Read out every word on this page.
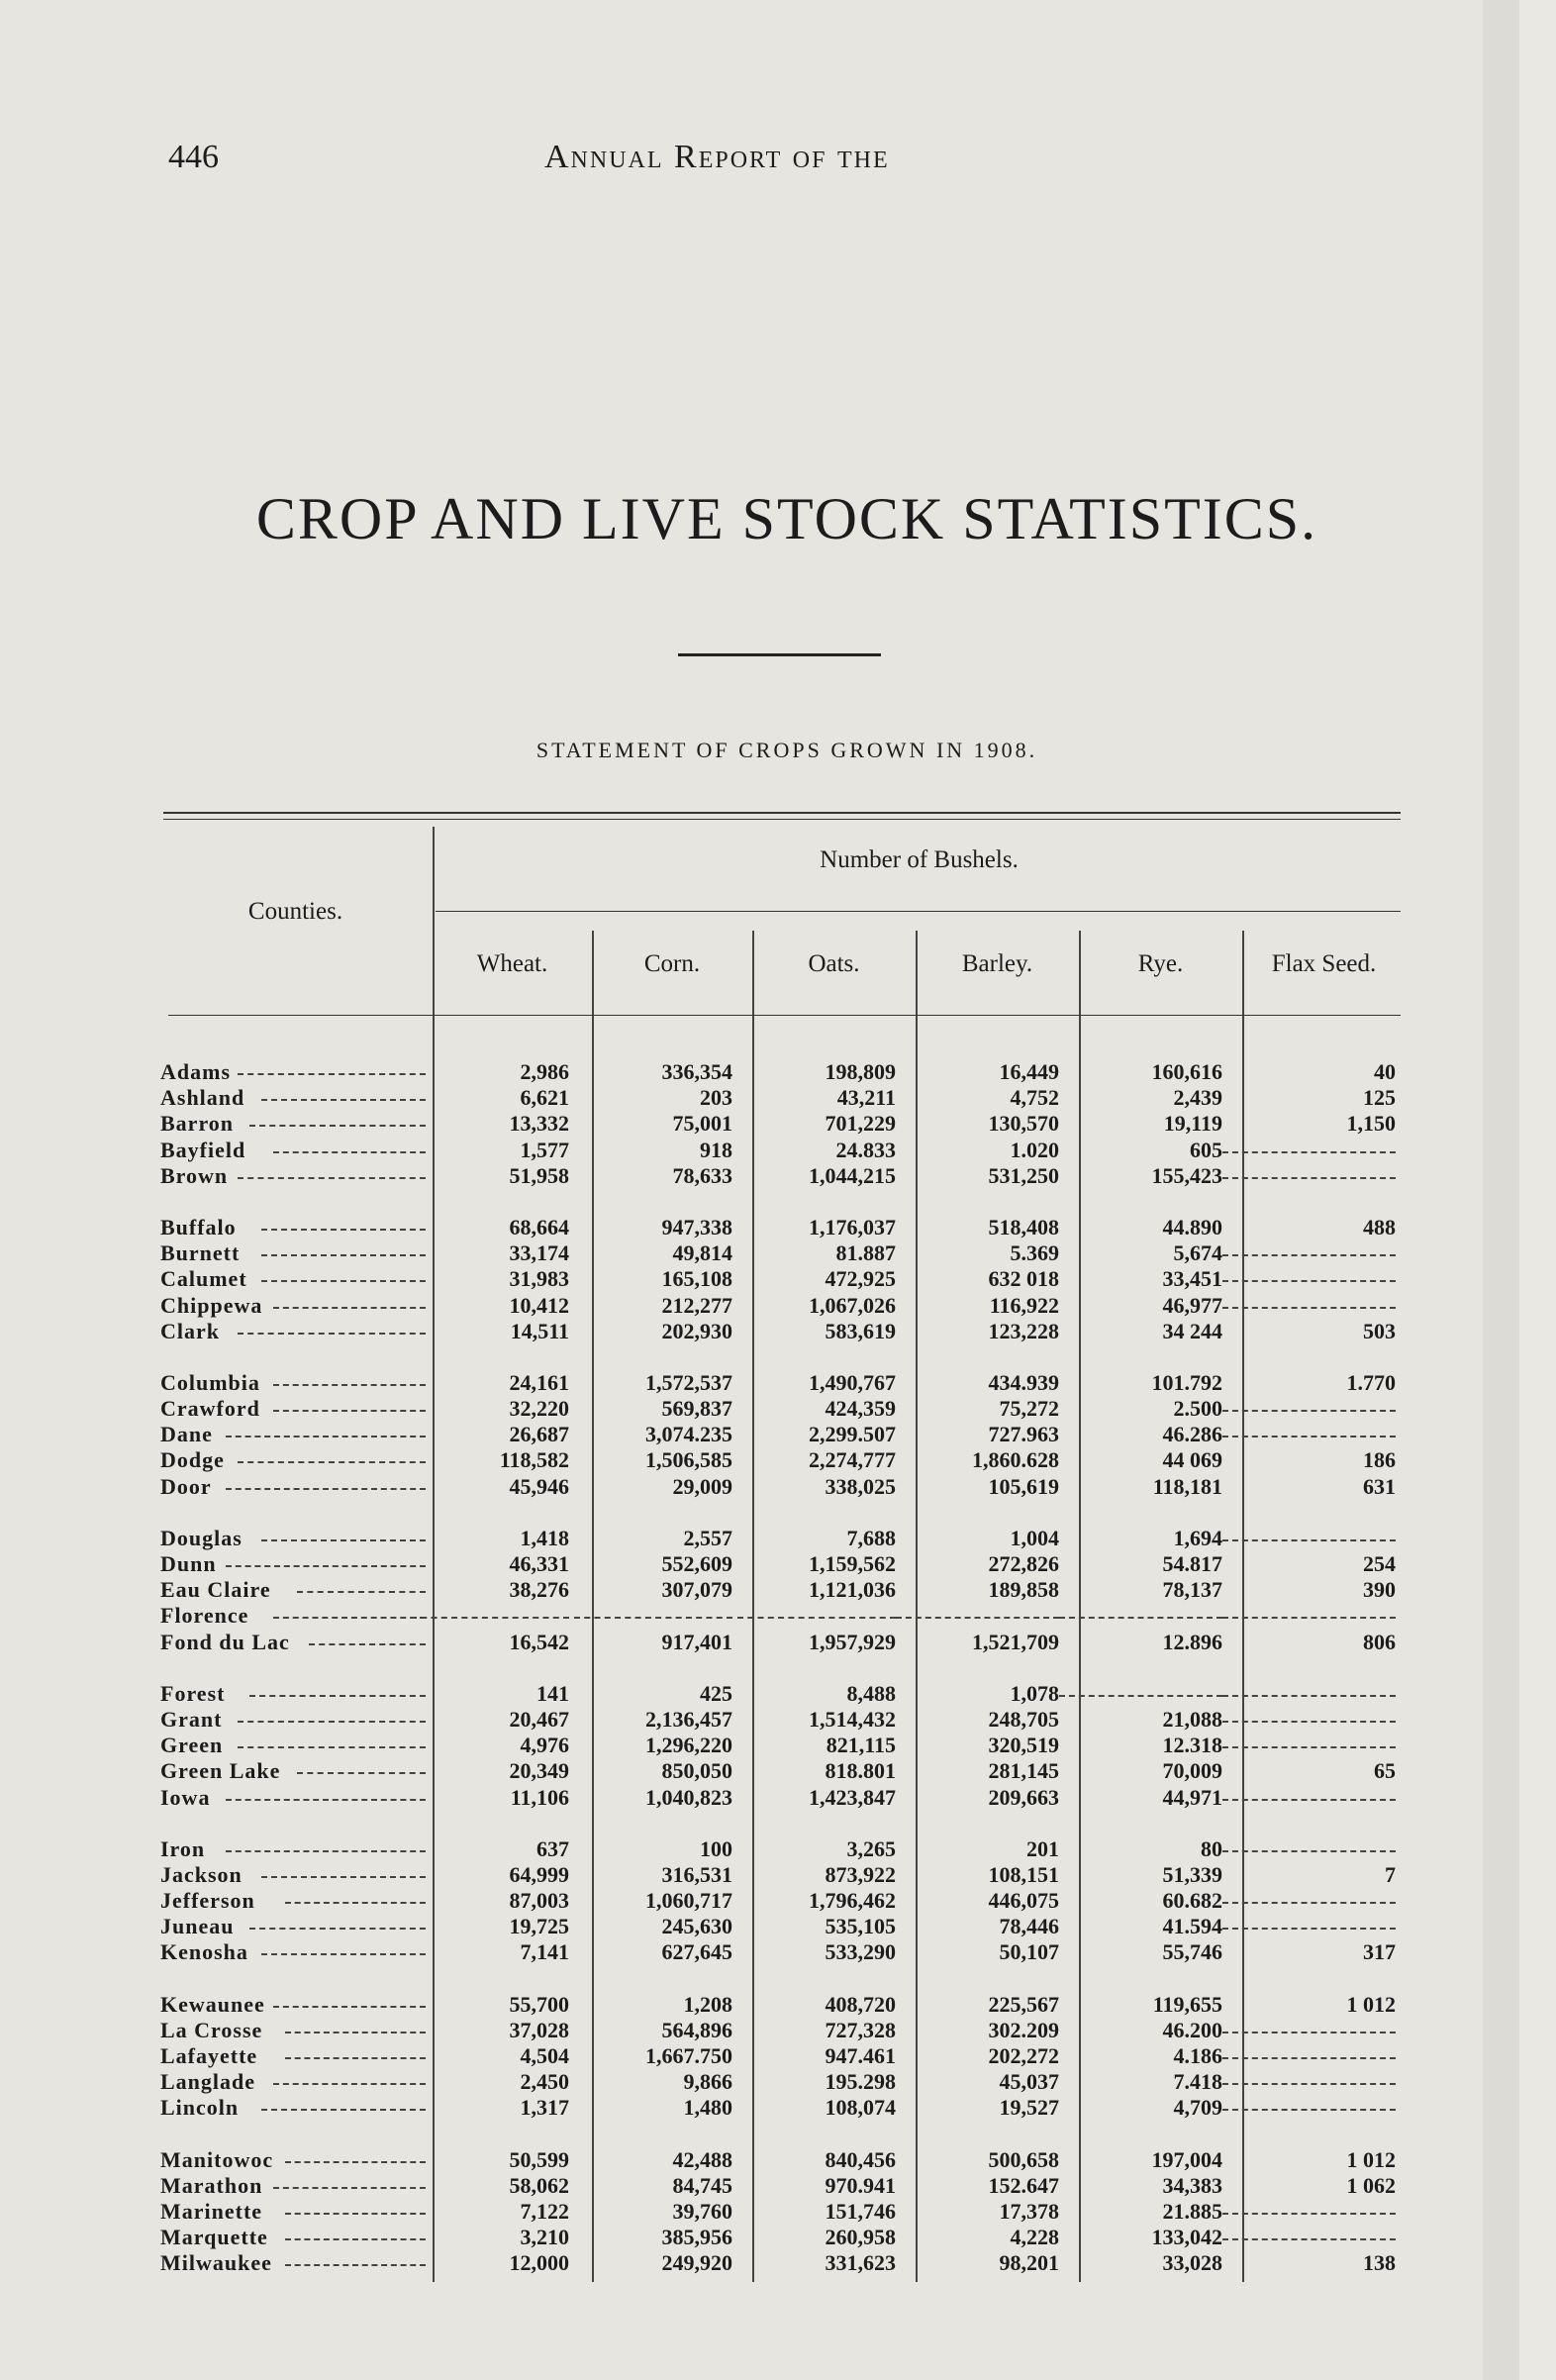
446	Annual Report of the
CROP AND LIVE STOCK STATISTICS.
STATEMENT OF CROPS GROWN IN 1908.
Counties.
Number of Bushels.
Wheat.	Corn.	Oats.	Barley.	Rye.	Flax Seed.
Adams	2,986	336,354	198,809	16,449	160,616	40
Ashland	6,621	203	43,211	4,752	2,439	125
Barron	13,332	75,001	701,229	130,570	19,119	1,150
Bayfield	1,577	918	24.833	1.020	605
Brown	51,958	78,633	1,044,215	531,250	155,423
Buffalo	68,664	947,338	1,176,037	518,408	44.890	488
Burnett	33,174	49,814	81.887	5.369	5,674
Calumet	31,983	165,108	472,925	632 018	33,451
Chippewa	10,412	212,277	1,067,026	116,922	46,977
Clark	14,511	202,930	583,619	123,228	34 244	503
Columbia	24,161	1,572,537	1,490,767	434.939	101.792	1.770
Crawford	32,220	569,837	424,359	75,272	2.500
Dane	26,687	3,074.235	2,299.507	727.963	46.286
Dodge	118,582	1,506,585	2,274,777	1,860.628	44 069	186
Door	45,946	29,009	338,025	105,619	118,181	631
Douglas	1,418	2,557	7,688	1,004	1,694
Dunn	46,331	552,609	1,159,562	272,826	54.817	254
Eau Claire	38,276	307,079	1,121,036	189,858	78,137	390
Florence
Fond du Lac	16,542	917,401	1,957,929	1,521,709	12.896	806
Forest	141	425	8,488	1,078
Grant	20,467	2,136,457	1,514,432	248,705	21,088
Green	4,976	1,296,220	821,115	320,519	12.318
Green Lake	20,349	850,050	818.801	281,145	70,009	65
Iowa	11,106	1,040,823	1,423,847	209,663	44,971
Iron	637	100	3,265	201	80
Jackson	64,999	316,531	873,922	108,151	51,339	7
Jefferson	87,003	1,060,717	1,796,462	446,075	60.682
Juneau	19,725	245,630	535,105	78,446	41.594
Kenosha	7,141	627,645	533,290	50,107	55,746	317
Kewaunee	55,700	1,208	408,720	225,567	119,655	1 012
La Crosse	37,028	564,896	727,328	302.209	46.200
Lafayette	4,504	1,667.750	947.461	202,272	4.186
Langlade	2,450	9,866	195.298	45,037	7.418
Lincoln	1,317	1,480	108,074	19,527	4,709
Manitowoc	50,599	42,488	840,456	500,658	197,004	1 012
Marathon	58,062	84,745	970.941	152.647	34,383	1 062
Marinette	7,122	39,760	151,746	17,378	21.885
Marquette	3,210	385,956	260,958	4,228	133,042
Milwaukee	12,000	249,920	331,623	98,201	33,028	138
